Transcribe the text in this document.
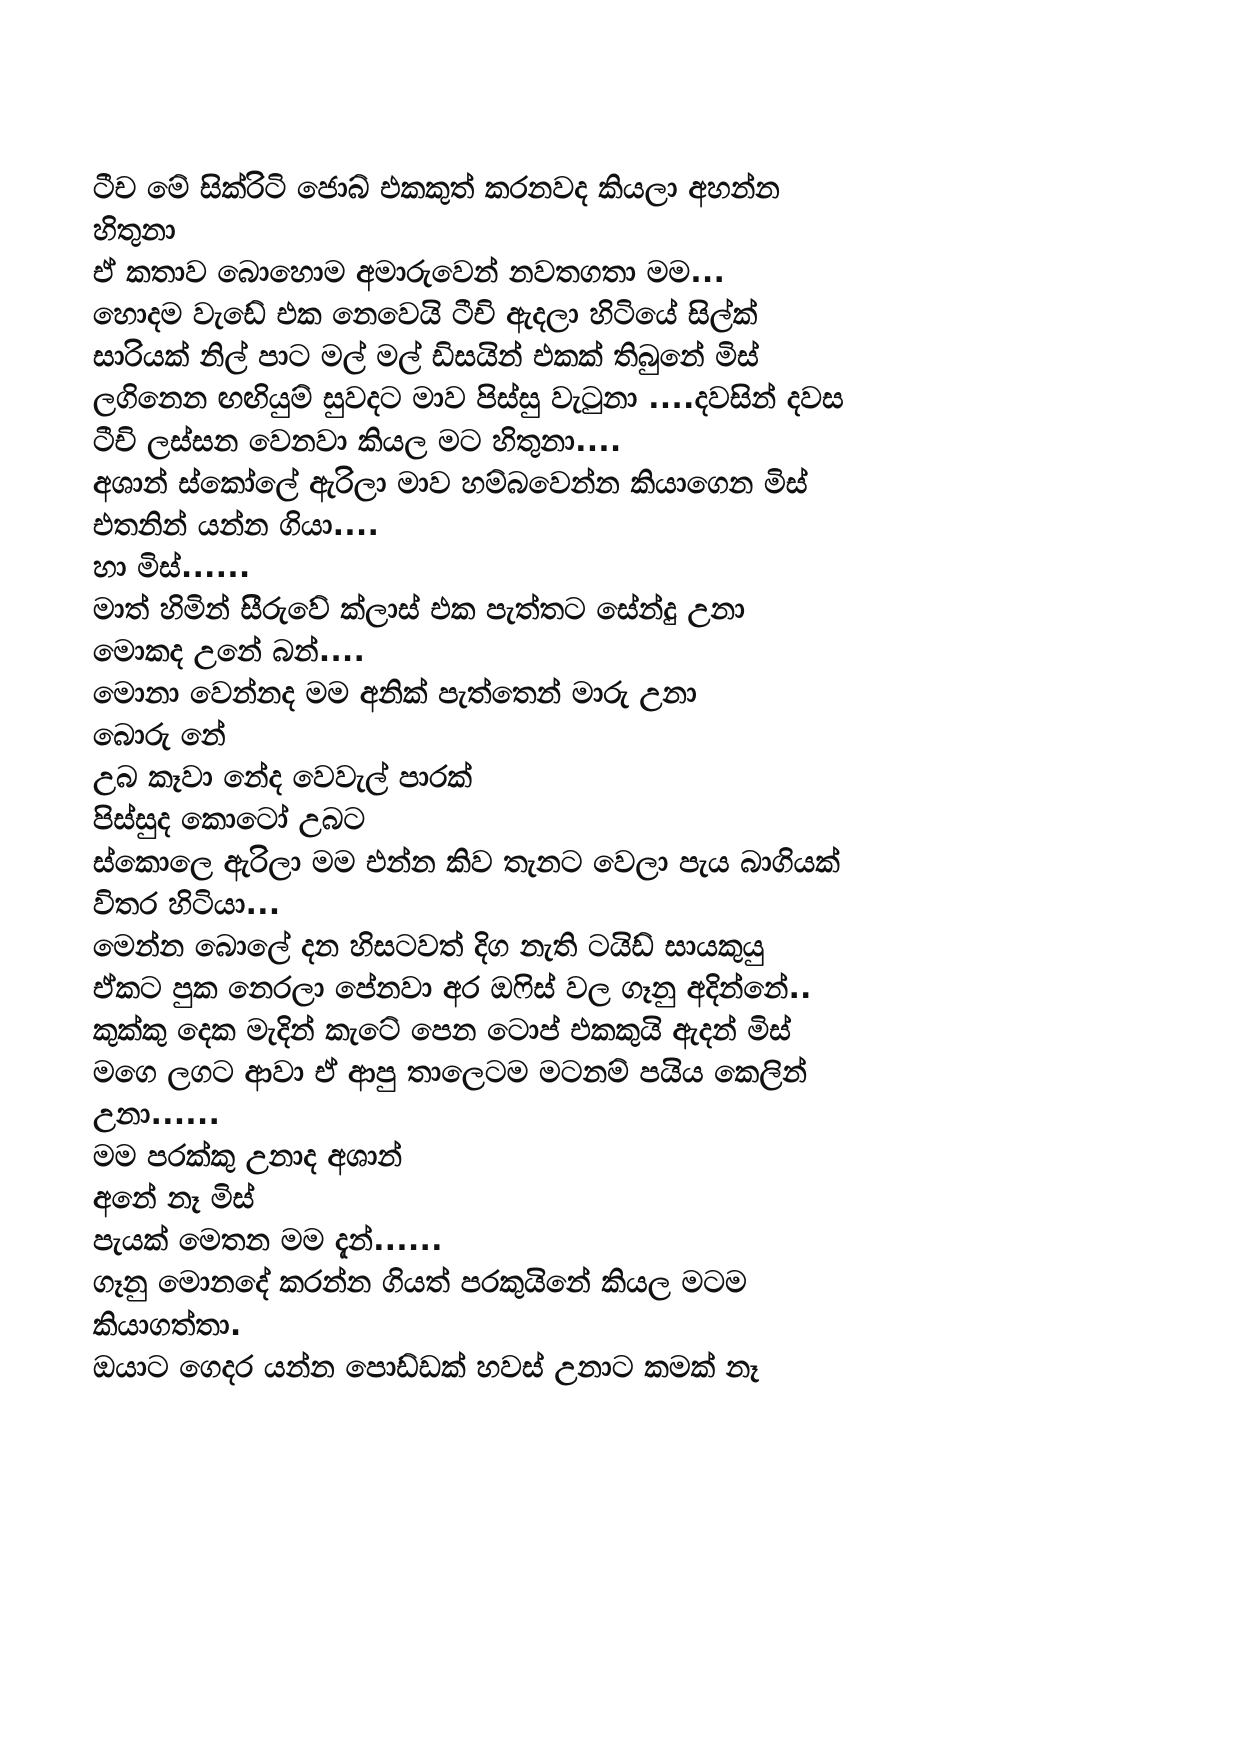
ටීච මේ සික්රිටි ජොබ් එකකුත් කරනවද කියලා අහන්න
හිතුනා
ඒ කතාව බොහොම අමාරුවෙන් නවතගතා මම...
හොදම වැඩේ එක නෙවෙයි ටීචි ඇදලා හිටියේ සිල්ක්
සාරියක් නිල් පාට මල් මල් ඩිසයින් එකක් තිබුනේ මිස්
ලගිනෙන ඟඟියුම් සුවදට මාව පිස්සු වැටුනා ....දවසින් දවස
ටීචි ලස්සන වෙනවා කියල මට හිතුනා....
අශාන් ස්කෝලේ ඇරිලා මාව හම්බවෙන්න කියාගෙන මිස්
එතනින් යන්න ගියා....
හා මිස්......
මාත් හිමින් සීරුවේ ක්ලාස් එක පැත්තට සේන්දු උනා
මොකද උනේ බන්....
මොනා වෙන්නද මම අනික් පැත්තෙන් මාරු උනා
බොරු නේ
උබ කෑවා නේද වෙවැල් පාරක්
පිස්සුද කොටෝ උබට
ස්කොලෙ ඇරිලා මම එන්න කිව තැනට වෙලා පැය බාගියක්
විතර හිටියා...
මෙන්න බොලේ දන හිසටවත් දිග නැති ටයිඩ් සායකුයු
ඒකට පුක නෙරලා පේනවා අර ඔෆිස් වල ගෑනු අදින්නේ..
කුක්කු දෙක මැදින් කැටේ පෙන ටොප් එකකුයි ඇදන් මිස්
මගෙ ලගට ආවා ඒ ආපු තාලෙටම මටනම් පයිය කෙලින්
උනා......
මම පරක්කු උනාද අශාන්
අනේ නෑ මිස්
පැයක් මෙතන මම දැන්......
ගෑනු මොනදේ කරන්න ගියත් පරකුයිනේ කියල මටම
කියාගත්තා.
ඔයාට ගෙදර යන්න පොඩ්ඩක් හවස් උනාට කමක් නෑ
